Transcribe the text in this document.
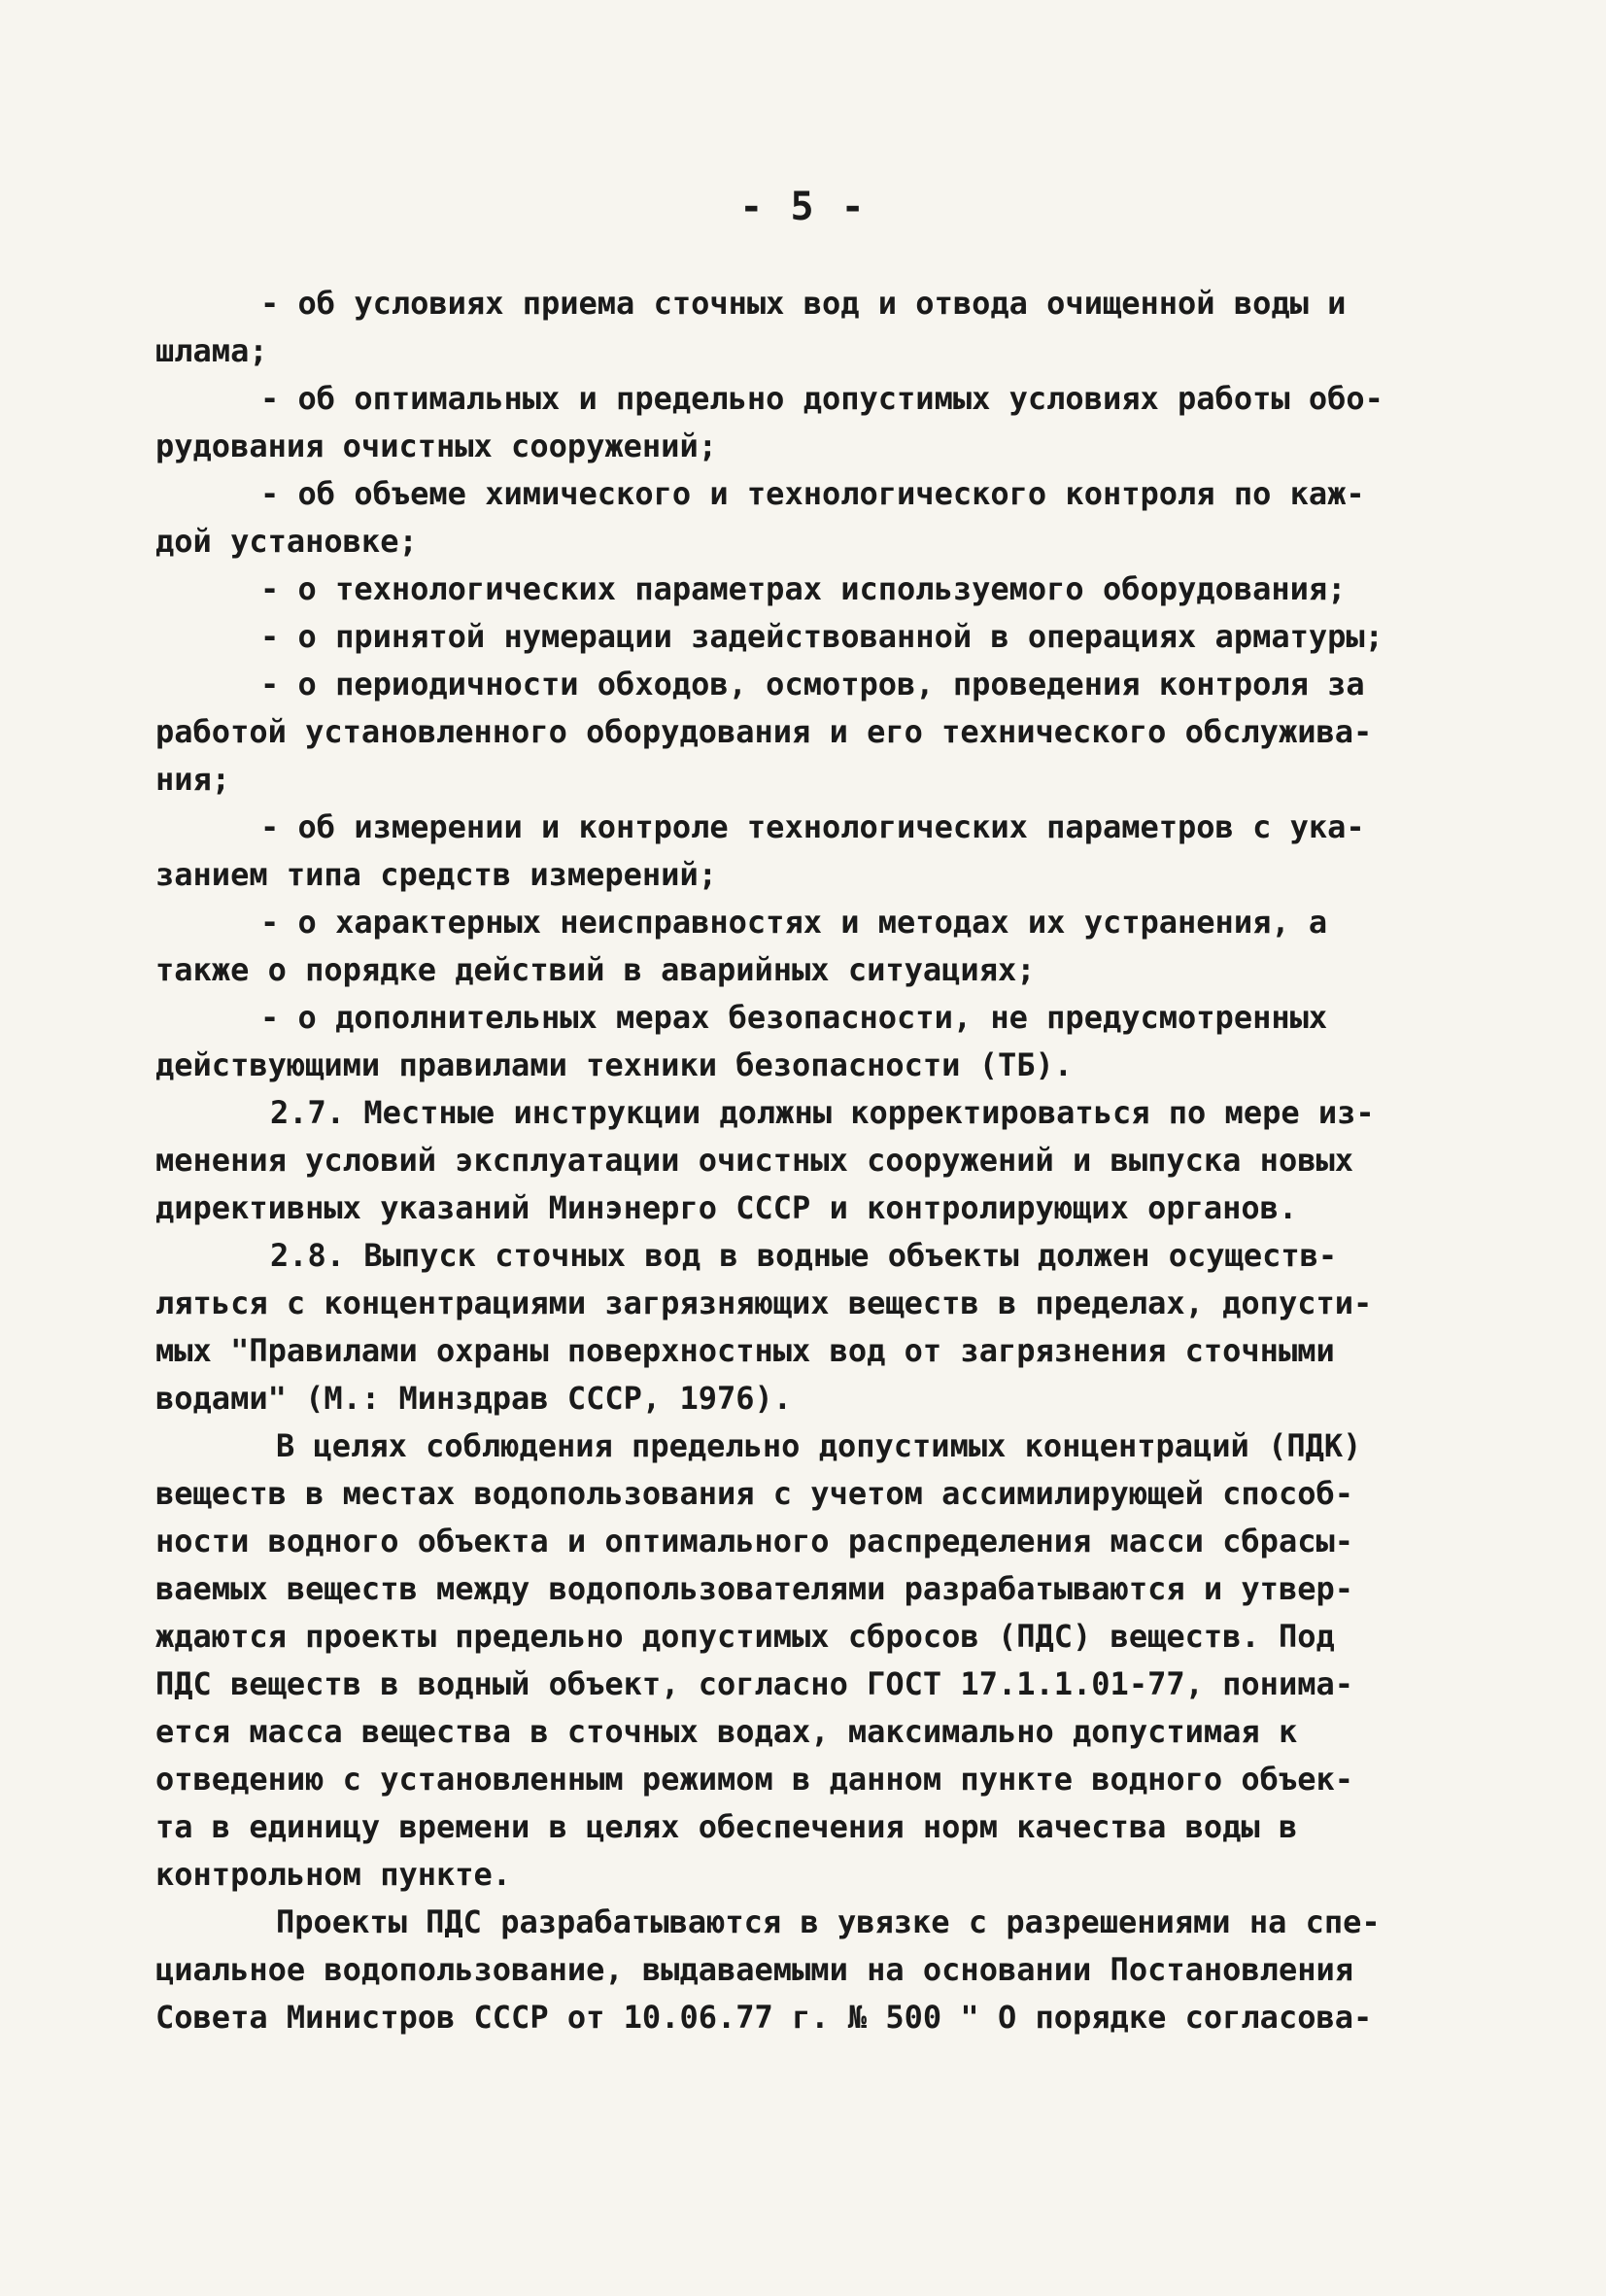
- 5 -
- об условиях приема сточных вод и отвода очищенной воды и
шлама;
- об оптимальных и предельно допустимых условиях работы обо-
рудования очистных сооружений;
- об объеме химического и технологического контроля по каж-
дой установке;
- о технологических параметрах используемого оборудования;
- о принятой нумерации задействованной в операциях арматуры;
- о периодичности обходов, осмотров, проведения контроля за
работой установленного оборудования и его технического обслужива-
ния;
- об измерении и контроле технологических параметров с ука-
занием типа средств измерений;
- о характерных неисправностях и методах их устранения, а
также о порядке действий в аварийных ситуациях;
- о дополнительных мерах безопасности, не предусмотренных
действующими правилами техники безопасности (ТБ).
2.7. Местные инструкции должны корректироваться по мере из-
менения условий эксплуатации очистных сооружений и выпуска новых
директивных указаний Минэнерго СССР и контролирующих органов.
2.8. Выпуск сточных вод в водные объекты должен осуществ-
ляться с концентрациями загрязняющих веществ в пределах, допусти-
мых "Правилами охраны поверхностных вод от загрязнения сточными
водами" (М.: Минздрав СССР, 1976).
В целях соблюдения предельно допустимых концентраций (ПДК)
веществ в местах водопользования с учетом ассимилирующей способ-
ности водного объекта и оптимального распределения масси сбрасы-
ваемых веществ между водопользователями разрабатываются и утвер-
ждаются проекты предельно допустимых сбросов (ПДС) веществ. Под
ПДС веществ в водный объект, согласно ГОСТ 17.1.1.01-77, понима-
ется масса вещества в сточных водах, максимально допустимая к
отведению с установленным режимом в данном пункте водного объек-
та в единицу времени в целях обеспечения норм качества воды в
контрольном пункте.
Проекты ПДС разрабатываются в увязке с разрешениями на спе-
циальное водопользование, выдаваемыми на основании Постановления
Совета Министров СССР от 10.06.77 г. № 500 " О порядке согласова-
